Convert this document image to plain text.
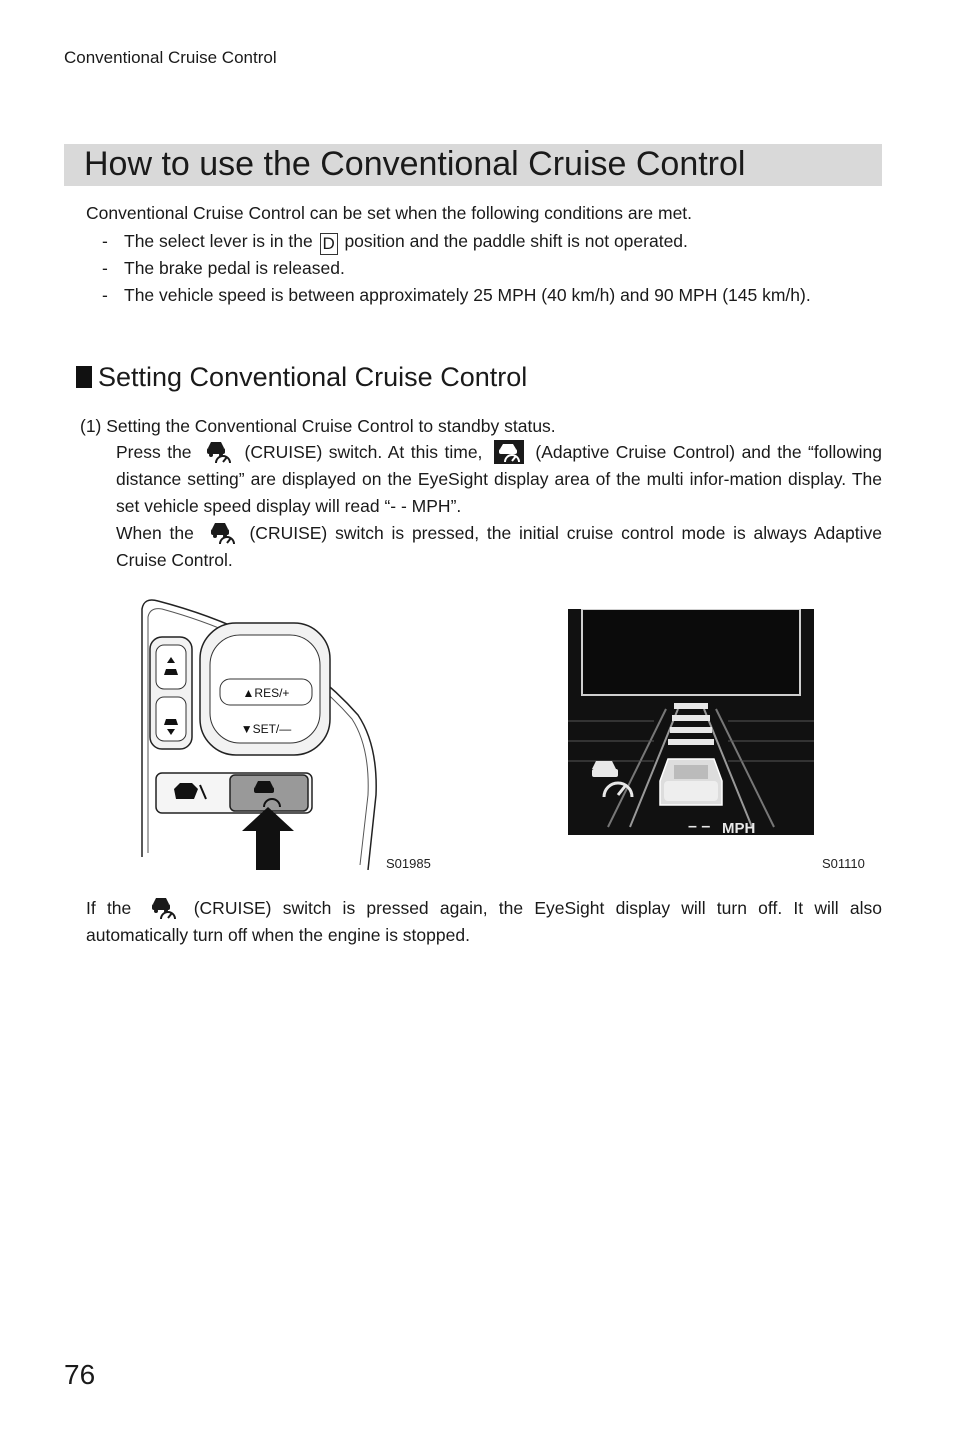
Conventional Cruise Control
How to use the Conventional Cruise Control
Conventional Cruise Control can be set when the following conditions are met.
- The select lever is in the D position and the paddle shift is not operated.
- The brake pedal is released.
- The vehicle speed is between approximately 25 MPH (40 km/h) and 90 MPH (145 km/h).
Setting Conventional Cruise Control
(1) Setting the Conventional Cruise Control to standby status.
Press the	(CRUISE) switch. At this time,	(Adaptive Cruise Control) and the “following distance setting” are displayed on the EyeSight display area of the multi infor-mation display. The set vehicle speed display will read “- - MPH”.
When the	(CRUISE) switch is pressed, the initial cruise control mode is always Adaptive Cruise Control.
▲RES/+
▼SET/—
S01985
– – MPH
S01110
If the	(CRUISE) switch is pressed again, the EyeSight display will turn off. It will also automatically turn off when the engine is stopped.
76
